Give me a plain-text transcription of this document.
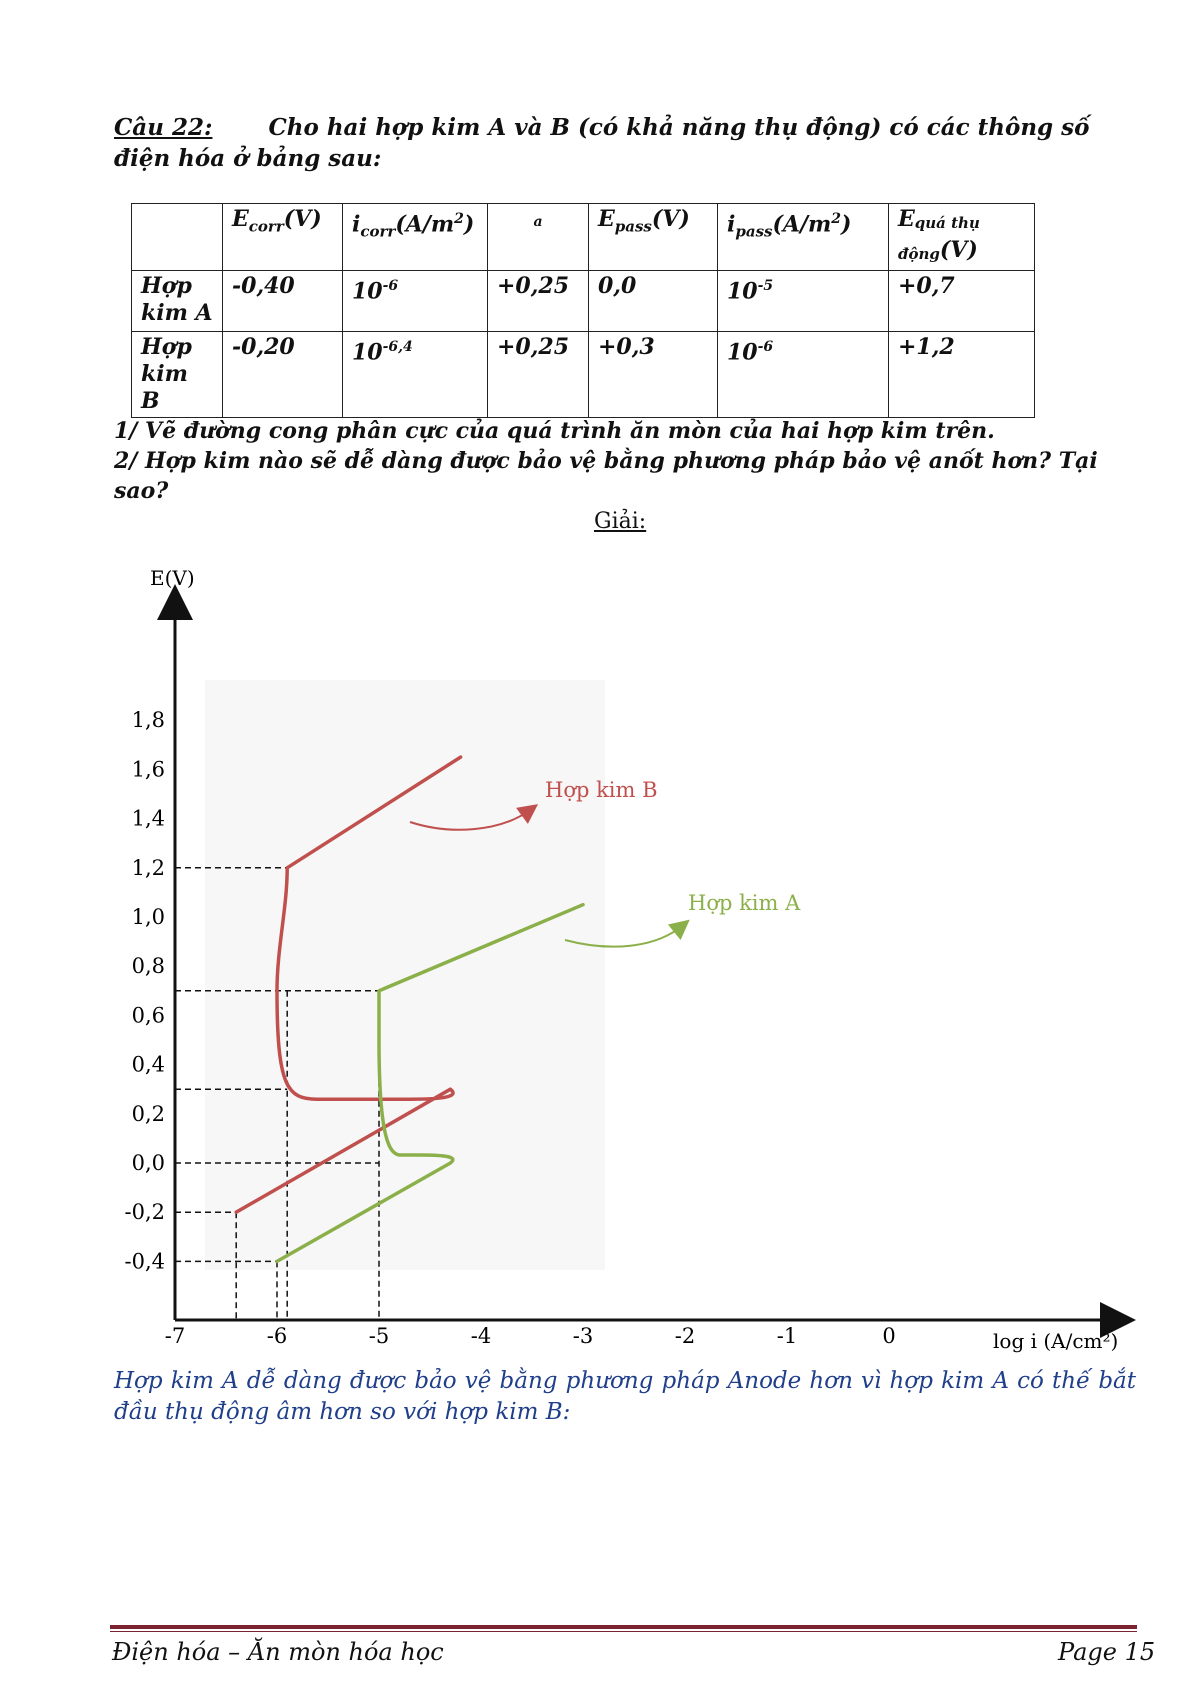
Câu 22: Cho hai hợp kim A và B (có khả năng thụ động) có các thông số điện hóa ở bảng sau:
	$E_{corr}(V)$	$i_{corr}(A/m^2)$	a	$E_{pass}(V)$	$i_{pass}(A/m^2)$	Equá thụ
động(V)
Hợp kim A	-0,40	$10^{-6}$	+0,25	0,0	$10^{-5}$	+0,7
Hợp kim B	-0,20	$10^{-6,4}$	+0,25	+0,3	$10^{-6}$	+1,2
1/ Vẽ đường cong phân cực của quá trình ăn mòn của hai hợp kim trên.
2/ Hợp kim nào sẽ dễ dàng được bảo vệ bằng phương pháp bảo vệ anốt hơn? Tại sao?
Giải:
1,8
1,6
1,4
1,2
1,0
0,8
0,6
0,4
0,2
0,0
-0,2
-0,4
-7	-6	-5	-4	-3	-2	-1	0
E(V)
log i (A/cm²)
Hợp kim B
Hợp kim A
Hợp kim A dễ dàng được bảo vệ bằng phương pháp Anode hơn vì hợp kim A có thế bắt đầu thụ động âm hơn so với hợp kim B:
Điện hóa – Ăn mòn hóa học	Page 15
